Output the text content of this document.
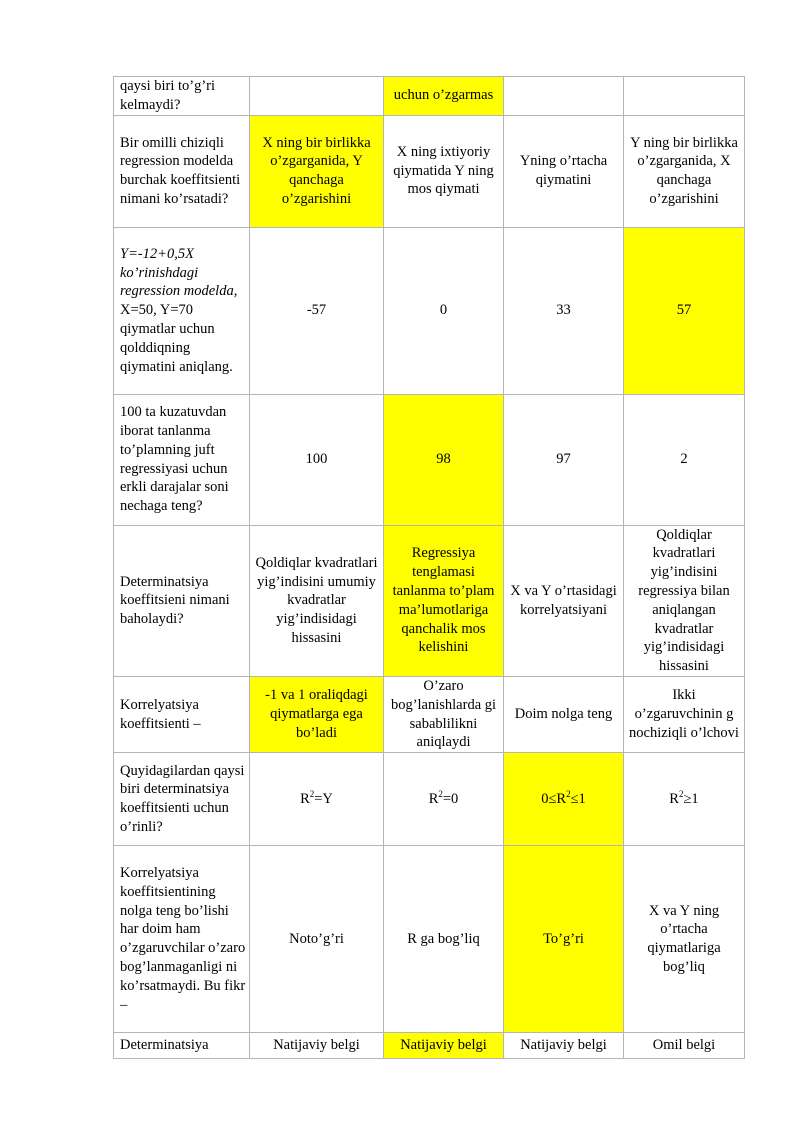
qaysi biri to’g’ri kelmaydi?		uchun o’zgarmas		
Bir omilli chiziqli regression modelda burchak koeffitsienti nimani ko’rsatadi?	X ning bir birlikka o’zgarganida, Y qanchaga o’zgarishini	X ning ixtiyoriy qiymatida Y ning mos qiymati	Yning o’rtacha qiymatini	Y ning bir birlikka o’zgarganida, X qanchaga o’zgarishini
Y=-12+0,5X ko’rinishdagi regression modelda, X=50, Y=70 qiymatlar uchun qolddiqning qiymatini aniqlang.	-57	0	33	57
100 ta kuzatuvdan iborat tanlanma to’plamning juft regressiyasi uchun erkli darajalar soni nechaga teng?	100	98	97	2
Determinatsiya koeffitsieni nimani baholaydi?	Qoldiqlar kvadratlari yig’indisini umumiy kvadratlar yig’indisidagi hissasini	Regressiya tenglamasi tanlanma to’plam ma’lumotlariga qanchalik mos kelishini	X va Y o’rtasidagi korrelyatsiyani	Qoldiqlar kvadratlari yig’indisini regressiya bilan aniqlangan kvadratlar yig’indisidagi hissasini
Korrelyatsiya koeffitsienti –	-1 va 1 oraliqdagi qiymatlarga ega bo’ladi	O’zaro bog’lanishlarda gi sabablilikni aniqlaydi	Doim nolga teng	Ikki o’zgaruvchinin g nochiziqli o’lchovi
Quyidagilardan qaysi biri determinatsiya koeffitsienti uchun o’rinli?	$R^2=Y$	$R^2=0$	$0\le R^2\le 1$	$R^2\ge 1$
Korrelyatsiya koeffitsientining nolga teng bo’lishi har doim ham o’zgaruvchilar o’zaro bog’lanmaganligi ni ko’rsatmaydi. Bu fikr –	Noto’g’ri	R ga bog’liq	To’g’ri	X va Y ning o’rtacha qiymatlariga bog’liq
Determinatsiya	Natijaviy belgi	Natijaviy belgi	Natijaviy belgi	Omil belgi
